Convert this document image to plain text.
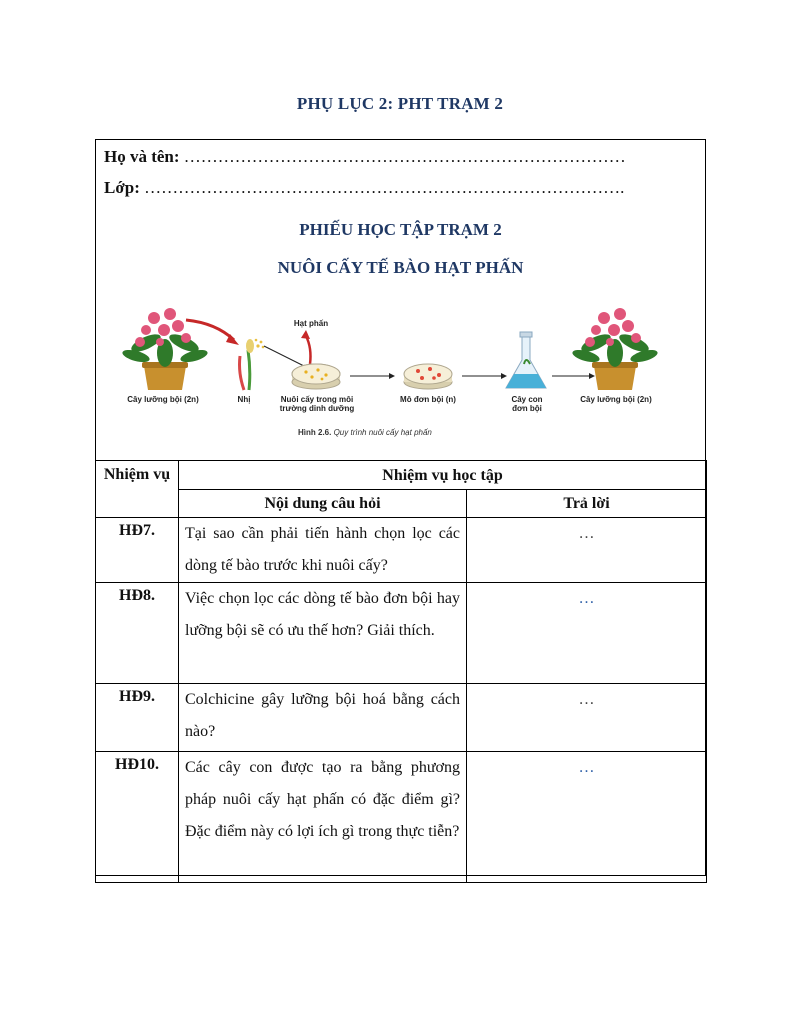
PHỤ LỤC 2: PHT TRẠM 2
Họ và tên: ……………………………………………………………………
Lớp: ………………………………………………………………………….
PHIẾU HỌC TẬP TRẠM 2
NUÔI CẤY TẾ BÀO HẠT PHẤN
Cây lưỡng bội (2n)	Nhị
Hạt phấn
Nuôi cấy trong môi trường dinh dưỡng
Mô đơn bội (n)	Cây con đơn bội
Cây lưỡng bội (2n)
Hình 2.6. Quy trình nuôi cấy hạt phấn
Nhiệm vụ	Nhiệm vụ học tập	
	Nội dung câu hỏi	Trả lời
HĐ7.	Tại sao cần phải tiến hành chọn lọc các dòng tế bào trước khi nuôi cấy?	…
HĐ8.	Việc chọn lọc các dòng tế bào đơn bội hay lưỡng bội sẽ có ưu thế hơn? Giải thích.	…
HĐ9.	Colchicine gây lưỡng bội hoá bằng cách nào?	…
HĐ10.	Các cây con được tạo ra bằng phương pháp nuôi cấy hạt phấn có đặc điểm gì? Đặc điểm này có lợi ích gì trong thực tiễn?	…
